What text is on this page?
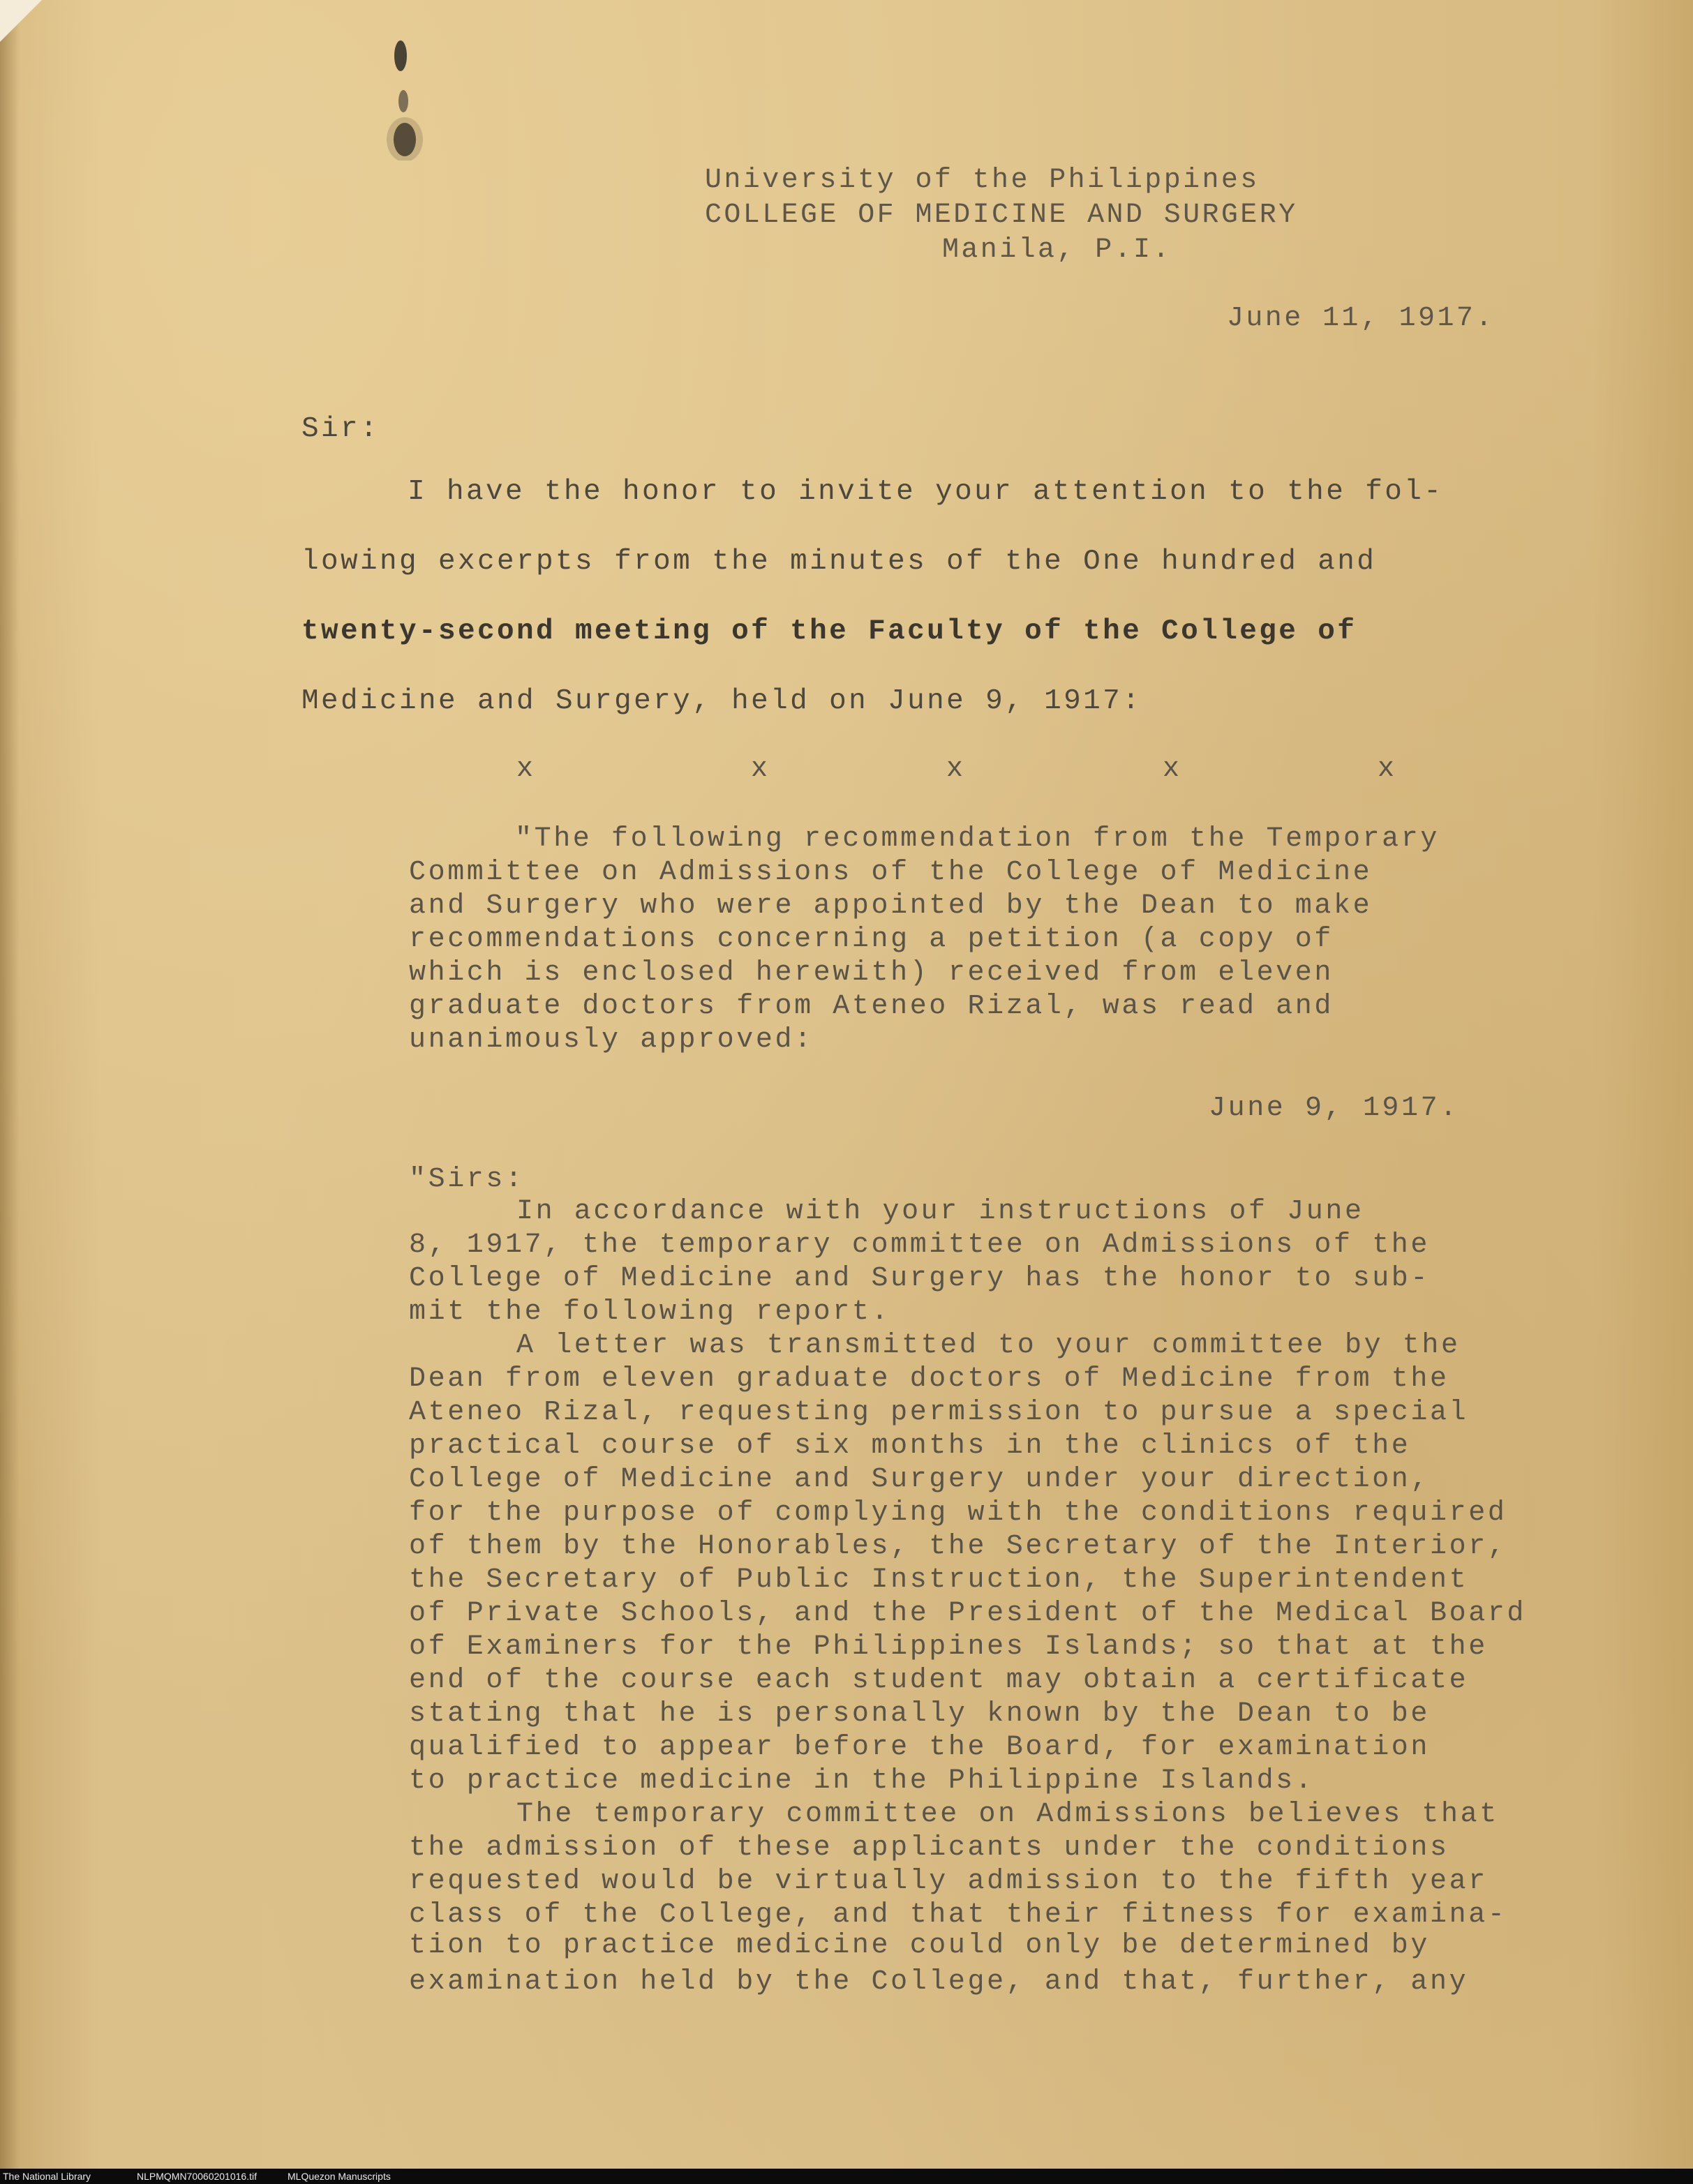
University of the Philippines
COLLEGE OF MEDICINE AND SURGERY
Manila, P.I.
June 11, 1917.
Sir:
I have the honor to invite your attention to the fol-
lowing excerpts from the minutes of the One hundred and
twenty-second meeting of the Faculty of the College of
Medicine and Surgery, held on June 9, 1917:
x	x	x	x	x
"The following recommendation from the Temporary
Committee on Admissions of the College of Medicine
and Surgery who were appointed by the Dean to make
recommendations concerning a petition (a copy of
which is enclosed herewith) received from eleven
graduate doctors from Ateneo Rizal, was read and
unanimously approved:
June 9, 1917.
"Sirs:
In accordance with your instructions of June
8, 1917, the temporary committee on Admissions of the
College of Medicine and Surgery has the honor to sub-
mit the following report.
A letter was transmitted to your committee by the
Dean from eleven graduate doctors of Medicine from the
Ateneo Rizal, requesting permission to pursue a special
practical course of six months in the clinics of the
College of Medicine and Surgery under your direction,
for the purpose of complying with the conditions required
of them by the Honorables, the Secretary of the Interior,
the Secretary of Public Instruction, the Superintendent
of Private Schools, and the President of the Medical Board
of Examiners for the Philippines Islands; so that at the
end of the course each student may obtain a certificate
stating that he is personally known by the Dean to be
qualified to appear before the Board, for examination
to practice medicine in the Philippine Islands.
The temporary committee on Admissions believes that
the admission of these applicants under the conditions
requested would be virtually admission to the fifth year
class of the College, and that their fitness for examina-
tion to practice medicine could only be determined by
examination held by the College, and that, further, any
The National Library	NLPMQMN70060201016.tif	MLQuezon Manuscripts
